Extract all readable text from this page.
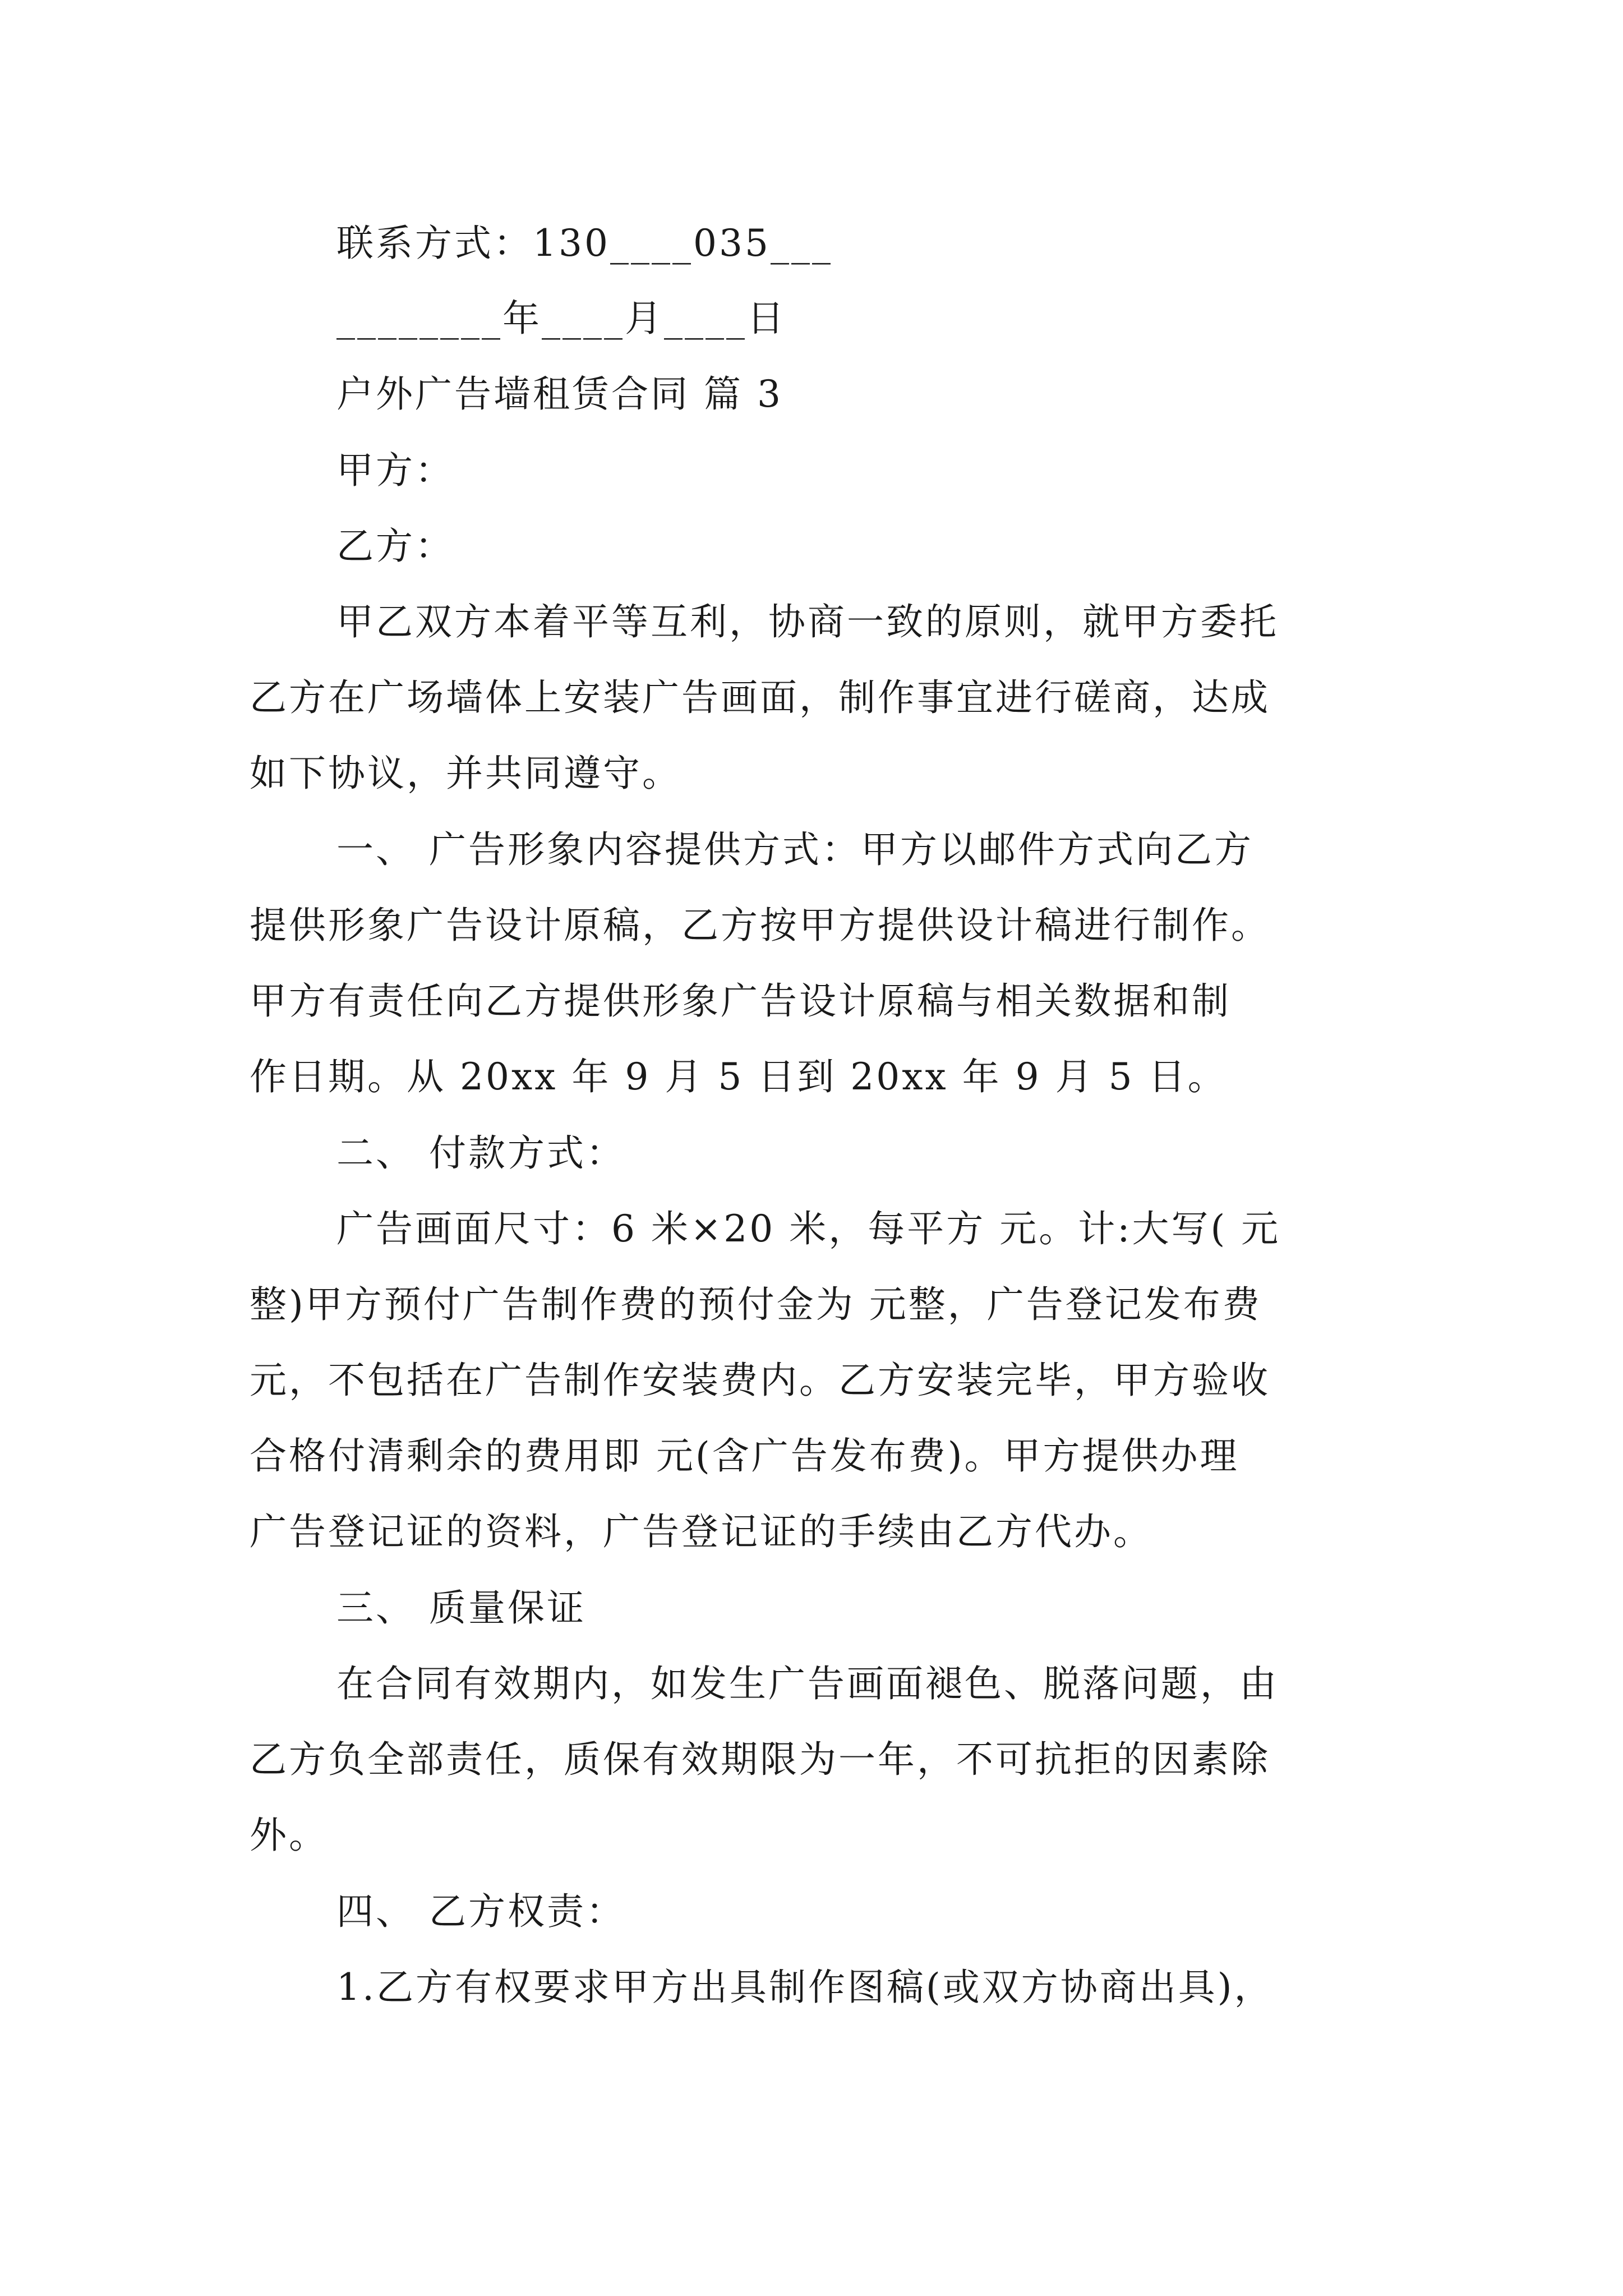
联系方式：130____035___
________年____月____日
户外广告墙租赁合同 篇 3
甲方：
乙方：
甲乙双方本着平等互利，协商一致的原则，就甲方委托
乙方在广场墙体上安装广告画面，制作事宜进行磋商，达成
如下协议，并共同遵守。
一、 广告形象内容提供方式：甲方以邮件方式向乙方
提供形象广告设计原稿，乙方按甲方提供设计稿进行制作。
甲方有责任向乙方提供形象广告设计原稿与相关数据和制
作日期。从 20xx 年 9 月 5 日到 20xx 年 9 月 5 日。
二、 付款方式：
广告画面尺寸：6 米×20 米，每平方 元。计:大写( 元
整)甲方预付广告制作费的预付金为 元整，广告登记发布费
元，不包括在广告制作安装费内。乙方安装完毕，甲方验收
合格付清剩余的费用即 元(含广告发布费)。甲方提供办理
广告登记证的资料，广告登记证的手续由乙方代办。
三、 质量保证
在合同有效期内，如发生广告画面褪色、脱落问题，由
乙方负全部责任，质保有效期限为一年，不可抗拒的因素除
外。
四、 乙方权责：
1.乙方有权要求甲方出具制作图稿(或双方协商出具)，
